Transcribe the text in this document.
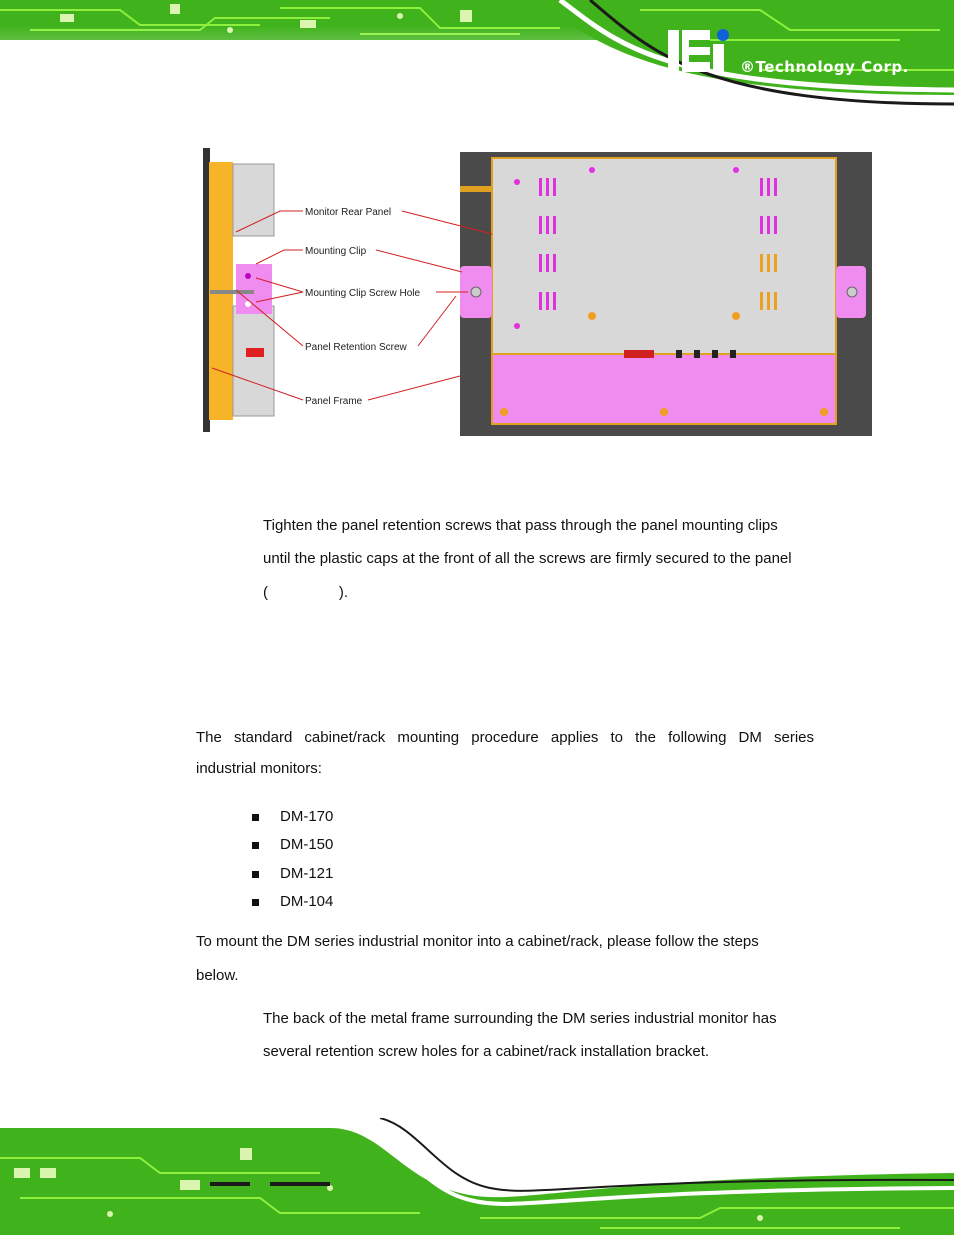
®Technology Corp.
Monitor Rear Panel
Mounting Clip
Mounting Clip Screw Hole
Panel Retention Screw
Panel Frame

Tighten the panel retention screws that pass through the panel mounting clips

until the plastic caps at the front of all the screws are firmly secured to the panel

(                 ).

The standard cabinet/rack mounting procedure applies to the following DM series

industrial monitors:

DM-170
DM-150
DM-121
DM-104

To mount the DM series industrial monitor into a cabinet/rack, please follow the steps

below.

The back of the metal frame surrounding the DM series industrial monitor has

several retention screw holes for a cabinet/rack installation bracket.
